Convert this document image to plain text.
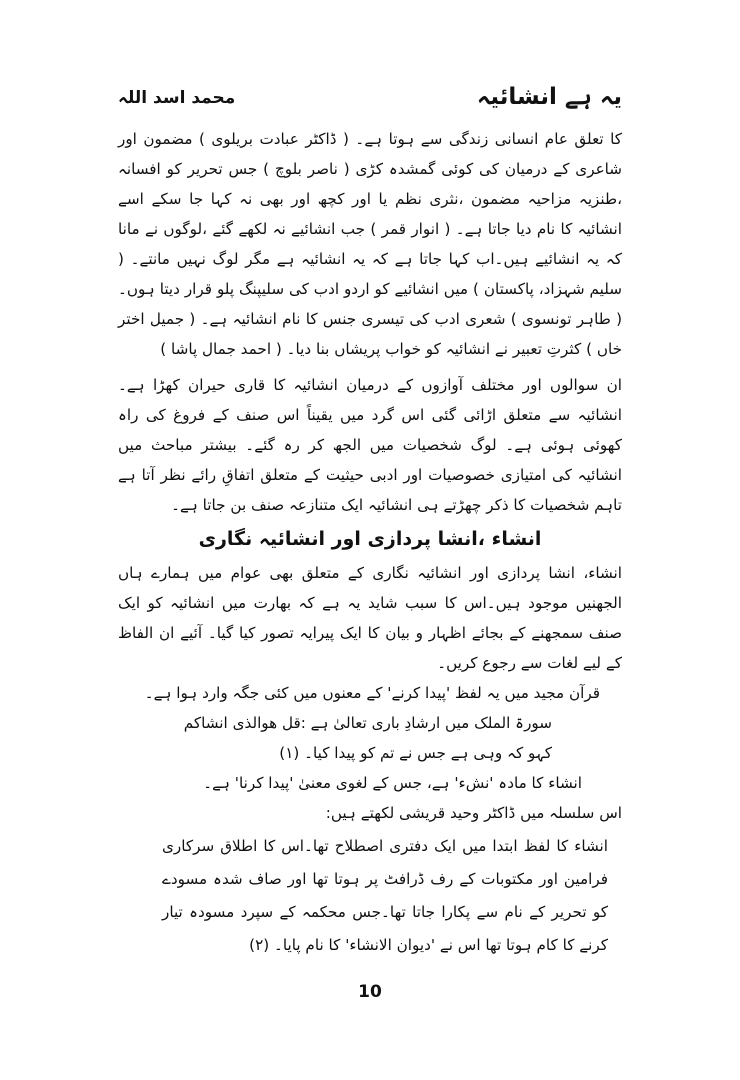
یہ ہے انشائیہ
محمد اسد اللہ

کا تعلق عام انسانی زندگی سے ہوتا ہے۔ ( ڈاکٹر عبادت بریلوی ) مضمون اور شاعری کے درمیان کی کوئی گمشدہ کڑی ( ناصر بلوچ ) جس تحریر کو افسانہ ،طنزیہ مزاحیہ مضمون ،نثری نظم یا اور کچھ اور بھی نہ کہا جا سکے اسے انشائیہ کا نام دیا جاتا ہے۔ ( انوار قمر ) جب انشائیے نہ لکھے گئے ،لوگوں نے مانا کہ یہ انشائیے ہیں۔اب کہا جاتا ہے کہ یہ انشائیہ ہے مگر لوگ نہیں مانتے۔ ( سلیم شہزاد، پاکستان ) میں انشائیے کو اردو ادب کی سلیپنگ پلو قرار دیتا ہوں۔ ( طاہر تونسوی ) شعری ادب کی تیسری جنس کا نام انشائیہ ہے۔ ( جمیل اختر خاں ) کثرتِ تعبیر نے انشائیہ کو خواب پریشاں بنا دیا۔ ( احمد جمال پاشا )

ان سوالوں اور مختلف آوازوں کے درمیان انشائیہ کا قاری حیران کھڑا ہے۔ انشائیہ سے متعلق اڑائی گئی اس گرد میں یقیناً اس صنف کے فروغ کی راہ کھوئی ہوئی ہے۔ لوگ شخصیات میں الجھ کر رہ گئے۔ بیشتر مباحث میں انشائیہ کی امتیازی خصوصیات اور ادبی حیثیت کے متعلق اتفاقِ رائے نظر آتا ہے تاہم شخصیات کا ذکر چھڑتے ہی انشائیہ ایک متنازعہ صنف بن جاتا ہے۔

انشاء ،انشا پردازی اور انشائیہ نگاری

انشاء، انشا پردازی اور انشائیہ نگاری کے متعلق بھی عوام میں ہمارے ہاں الجھنیں موجود ہیں۔اس کا سبب شاید یہ ہے کہ بھارت میں انشائیہ کو ایک صنف سمجھنے کے بجائے اظہار و بیان کا ایک پیرایہ تصور کیا گیا۔ آئیے ان الفاظ کے لیے لغات سے رجوع کریں۔

قرآن مجید میں یہ لفظ 'پیدا کرنے' کے معنوں میں کئی جگہ وارد ہوا ہے۔

سورۃ الملک میں ارشادِ باری تعالیٰ ہے :قل ھوالذی انشاکم

کہو کہ وہی ہے جس نے تم کو پیدا کیا۔ (۱)

انشاء کا مادہ 'نشء' ہے، جس کے لغوی معنیٰ 'پیدا کرنا' ہے۔

اس سلسلہ میں ڈاکٹر وحید قریشی لکھتے ہیں:

انشاء کا لفظ ابتدا میں ایک دفتری اصطلاح تھا۔اس کا اطلاق سرکاری فرامین اور مکتوبات کے رف ڈرافٹ پر ہوتا تھا اور صاف شدہ مسودے کو تحریر کے نام سے پکارا جاتا تھا۔جس محکمہ کے سپرد مسودہ تیار کرنے کا کام ہوتا تھا اس نے 'دیوان الانشاء' کا نام پایا۔ (۲)

10
